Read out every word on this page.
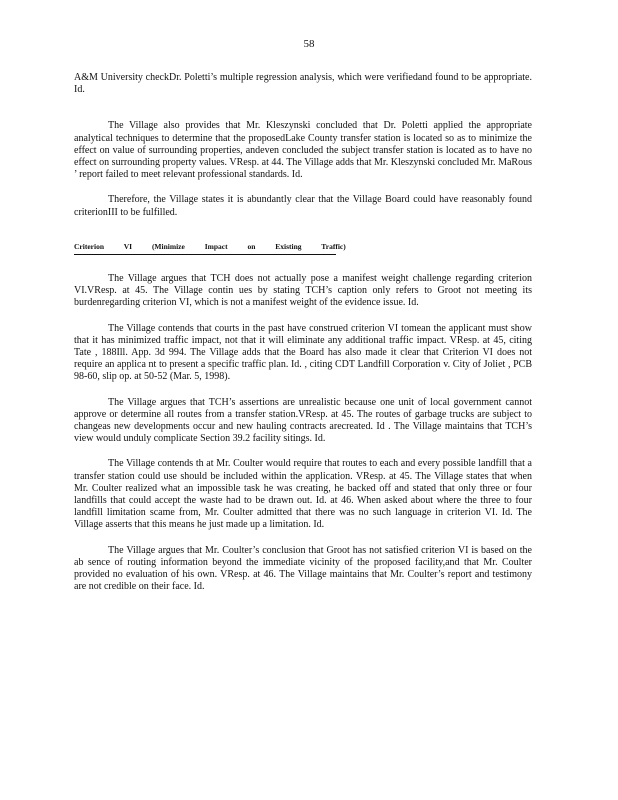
58

A&M University checkDr. Poletti’s multiple regression analysis, which were verifiedand found to be appropriate. Id.

The Village also provides that Mr. Kleszynski concluded that Dr. Poletti applied the appropriate analytical techniques to determine that the proposedLake County transfer station is located so as to minimize the effect on value of surrounding properties, andeven concluded the subject transfer station is located as to have no effect on surrounding property values. VResp. at 44. The Village adds that Mr. Kleszynski concluded Mr. MaRous ’ report failed to meet relevant professional standards. Id.

Therefore, the Village states it is abundantly clear that the Village Board could have reasonably found criterionIII to be fulfilled.

Criterion VI (Minimize Impact on Existing Traffic)

The Village argues that TCH does not actually pose a manifest weight challenge regarding criterion VI.VResp. at 45. The Village contin ues by stating TCH’s caption only refers to Groot not meeting its burdenregarding criterion VI, which is not a manifest weight of the evidence issue. Id.

The Village contends that courts in the past have construed criterion VI tomean the applicant must show that it has minimized traffic impact, not that it will eliminate any additional traffic impact. VResp. at 45, citing Tate , 188Ill. App. 3d 994. The Village adds that the Board has also made it clear that Criterion VI does not require an applica nt to present a specific traffic plan. Id. , citing CDT Landfill Corporation v. City of Joliet , PCB 98-60, slip op. at 50-52 (Mar. 5, 1998).

The Village argues that TCH’s assertions are unrealistic because one unit of local government cannot approve or determine all routes from a transfer station.VResp. at 45. The routes of garbage trucks are subject to changeas new developments occur and new hauling contracts arecreated. Id . The Village maintains that TCH’s view would unduly complicate Section 39.2 facility sitings. Id.

The Village contends th at Mr. Coulter would require that routes to each and every possible landfill that a transfer station could use should be included within the application. VResp. at 45. The Village states that when Mr. Coulter realized what an impossible task he was creating, he backed off and stated that only three or four landfills that could accept the waste had to be drawn out. Id. at 46. When asked about where the three to four landfill limitation scame from, Mr. Coulter admitted that there was no such language in criterion VI. Id. The Village asserts that this means he just made up a limitation. Id.

The Village argues that Mr. Coulter’s conclusion that Groot has not satisfied criterion VI is based on the ab sence of routing information beyond the immediate vicinity of the proposed facility,and that Mr. Coulter provided no evaluation of his own. VResp. at 46. The Village maintains that Mr. Coulter’s report and testimony are not credible on their face. Id.
